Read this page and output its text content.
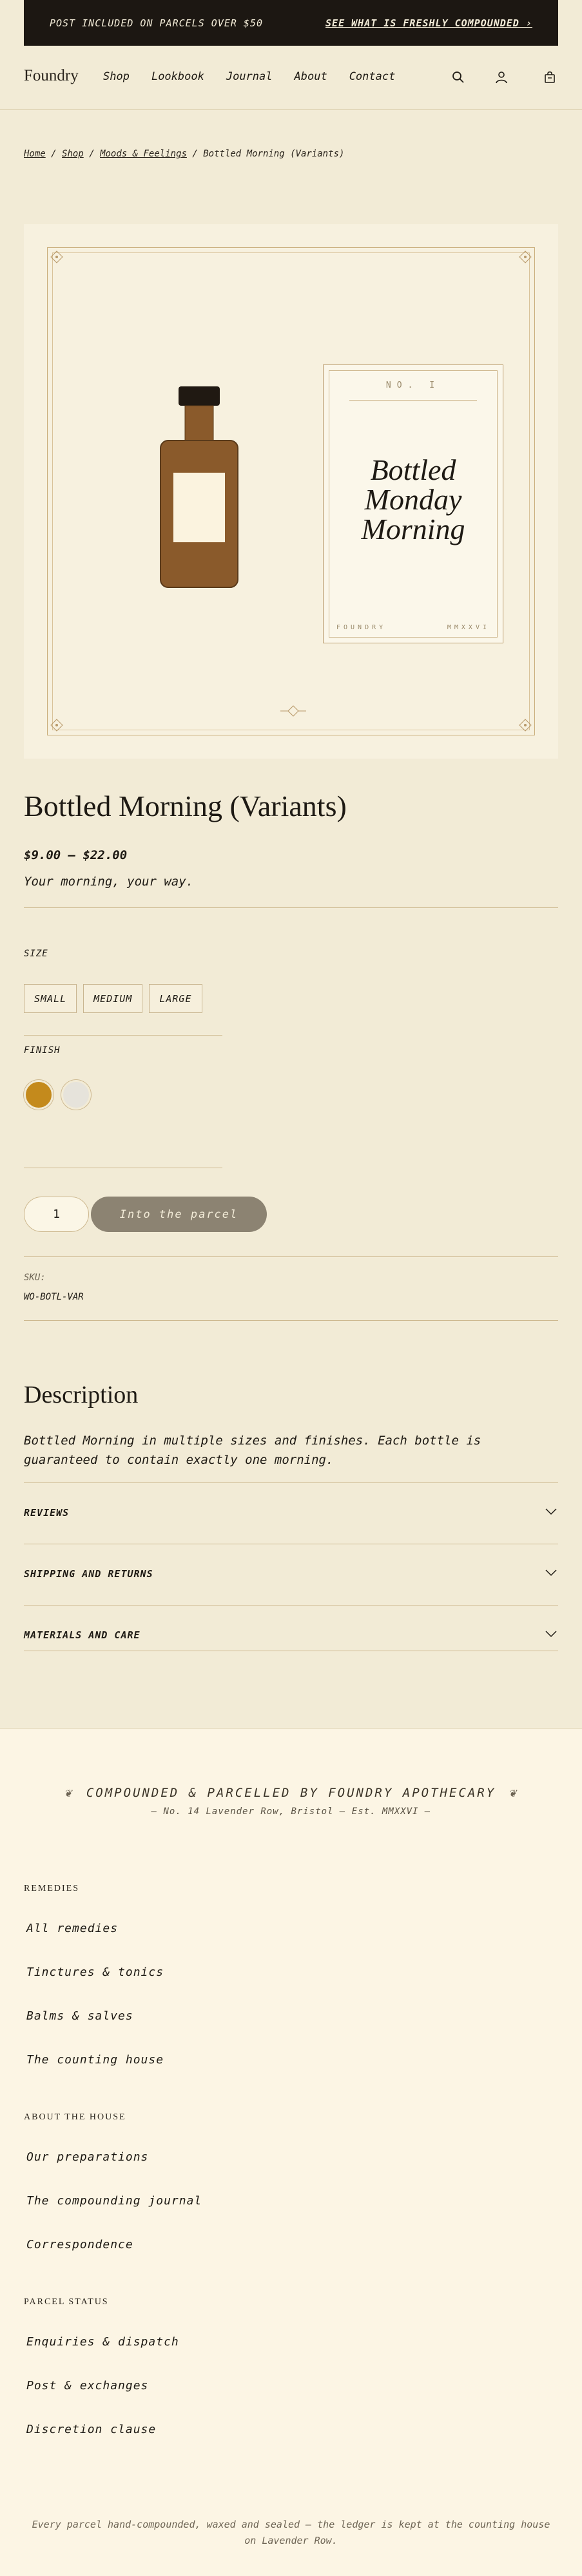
POST INCLUDED ON PARCELS OVER $50	SEE WHAT IS FRESHLY COMPOUNDED ›
Foundry Shop Lookbook Journal About Contact
Home / Shop / Moods & Feelings / Bottled Morning (Variants)
NO. I
Bottled
Monday
Morning
FOUNDRY	MMXXVI
Bottled Morning (Variants)
$9.00 – $22.00
Your morning, your way.
SIZE
SMALL	MEDIUM	LARGE
FINISH
1	Into the parcel
SKU:
WO-BOTL-VAR
Description
Bottled Morning in multiple sizes and finishes. Each bottle is guaranteed to contain exactly one morning.
REVIEWS
SHIPPING AND RETURNS
MATERIALS AND CARE
❦ COMPOUNDED & PARCELLED BY FOUNDRY APOTHECARY ❦
— No. 14 Lavender Row, Bristol — Est. MMXXVI —
REMEDIES
All remedies
Tinctures & tonics
Balms & salves
The counting house
ABOUT THE HOUSE
Our preparations
The compounding journal
Correspondence
PARCEL STATUS
Enquiries & dispatch
Post & exchanges
Discretion clause
Every parcel hand-compounded, waxed and sealed — the ledger is kept at the counting house on Lavender Row.
